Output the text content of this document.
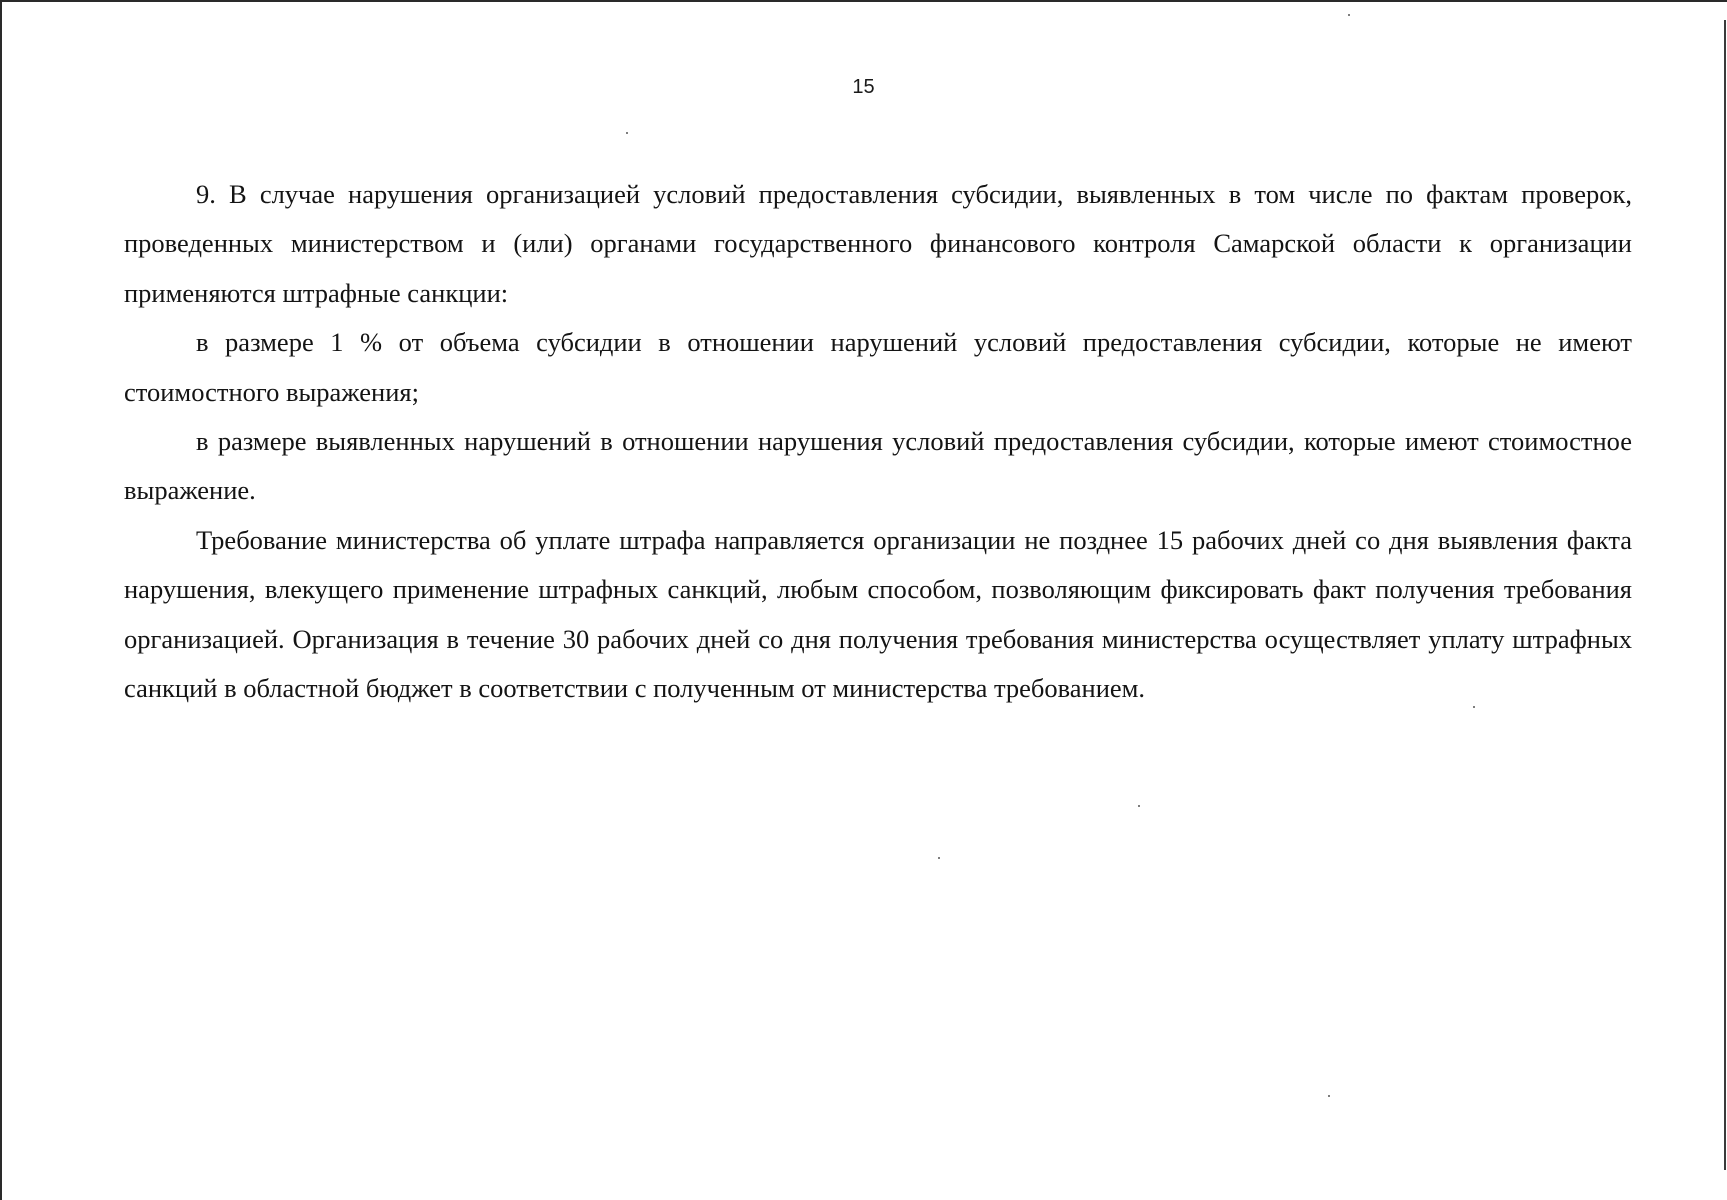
15

9. В случае нарушения организацией условий предоставления субсидии, выявленных в том числе по фактам проверок, проведенных министерством и (или) органами государственного финансового контроля Самарской области к организации применяются штрафные санкции:

в размере 1 % от объема субсидии в отношении нарушений условий предоставления субсидии, которые не имеют стоимостного выражения;

в размере выявленных нарушений в отношении нарушения условий предоставления субсидии, которые имеют стоимостное выражение.

Требование министерства об уплате штрафа направляется организации не позднее 15 рабочих дней со дня выявления факта нарушения, влекущего применение штрафных санкций, любым способом, позволяющим фиксировать факт получения требования организацией. Организация в течение 30 рабочих дней со дня получения требования министерства осуществляет уплату штрафных санкций в областной бюджет в соответствии с полученным от министерства требованием.
